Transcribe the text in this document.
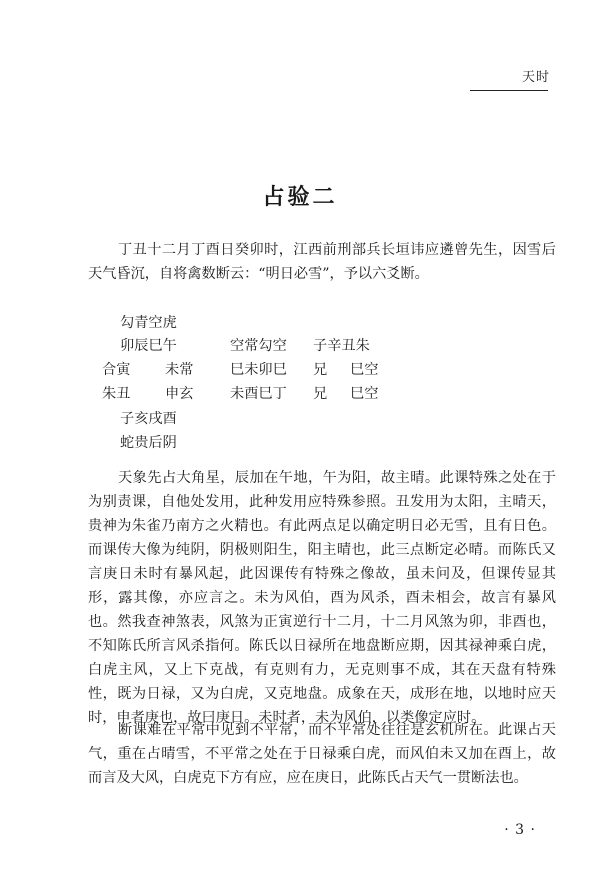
天时
占验二

丁丑十二月丁酉日癸卯时，江西前刑部兵长垣讳应遴曾先生，因雪后天气昏沉，自将禽数断云：“明日必雪”，予以六爻断。

勾青空虎
卯辰巳午	空常勾空 子辛丑朱
合寅 未常	巳未卯巳 兄 巳空
朱丑 申玄	未酉巳丁 兄 巳空
子亥戌酉
蛇贵后阴

天象先占大角星，辰加在午地，午为阳，故主晴。此课特殊之处在于为别责课，自他处发用，此种发用应特殊参照。丑发用为太阳，主晴天，贵神为朱雀乃南方之火精也。有此两点足以确定明日必无雪，且有日色。而课传大像为纯阴，阴极则阳生，阳主晴也，此三点断定必晴。而陈氏又言庚日未时有暴风起，此因课传有特殊之像故，虽未问及，但课传显其形，露其像，亦应言之。未为风伯，酉为风杀，酉未相会，故言有暴风也。然我查神煞表，风煞为正寅逆行十二月，十二月风煞为卯，非酉也，不知陈氏所言风杀指何。陈氏以日禄所在地盘断应期，因其禄神乘白虎，白虎主风，又上下克战，有克则有力，无克则事不成，其在天盘有特殊性，既为日禄，又为白虎，又克地盘。成象在天，成形在地，以地时应天时，申者庚也，故曰庚日。未时者，未为风伯，以类像定应时。

断课难在平常中见到不平常，而不平常处往往是玄机所在。此课占天气，重在占晴雪，不平常之处在于日禄乘白虎，而风伯未又加在酉上，故而言及大风，白虎克下方有应，应在庚日，此陈氏占天气一贯断法也。

· 3 ·
